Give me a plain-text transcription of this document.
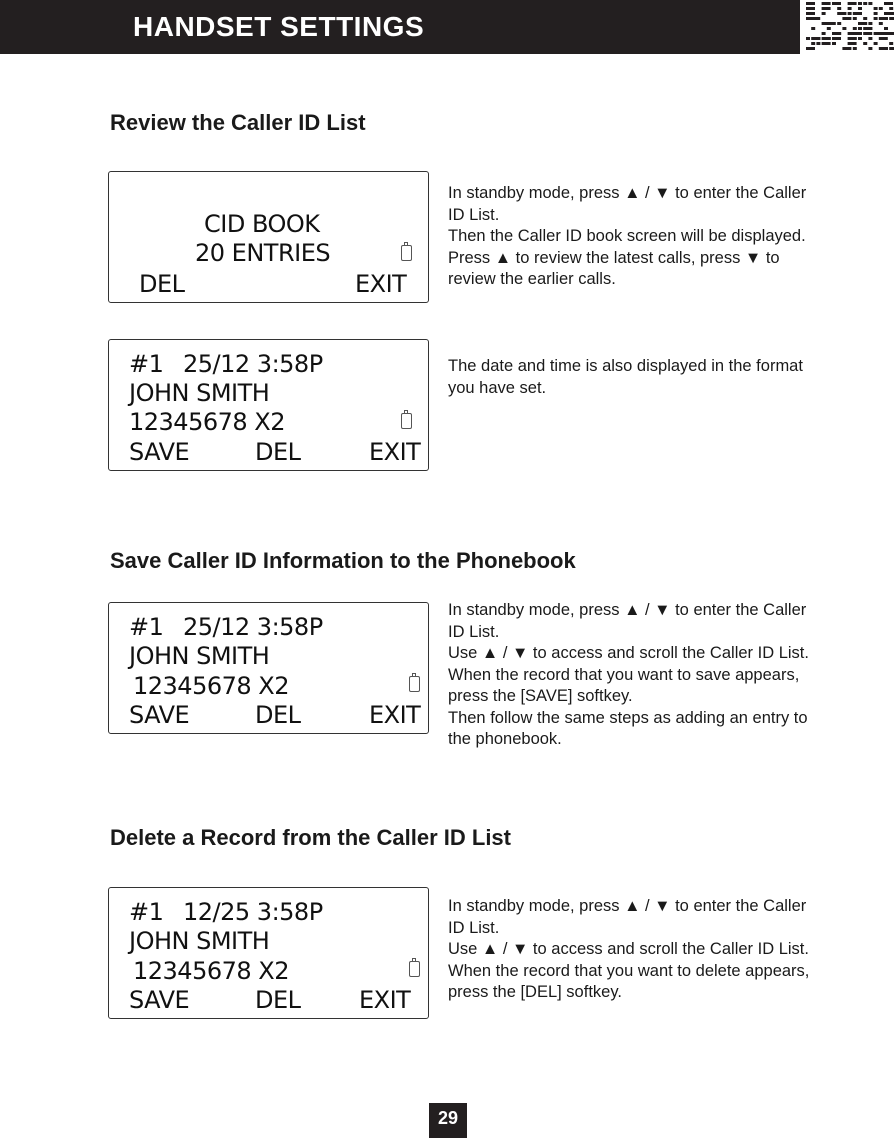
HANDSET SETTINGS
Review the Caller ID List
CID BOOK
20 ENTRIES
DEL	EXIT

In standby mode, press ▲ / ▼ to enter the Caller ID List.

Then the Caller ID book screen will be displayed.

Press ▲ to review the latest calls, press ▼ to review the earlier calls.

#1 25/12 3:58P
JOHN SMITH
12345678 X2
SAVE	DEL	EXIT

The date and time is also displayed in the format you have set.

Save Caller ID Information to the Phonebook
#1 25/12 3:58P
JOHN SMITH
12345678 X2
SAVE	DEL	EXIT

In standby mode, press ▲ / ▼ to enter the Caller ID List.

Use ▲ / ▼ to access and scroll the Caller ID List.

When the record that you want to save appears, press the [SAVE] softkey.

Then follow the same steps as adding an entry to the phonebook.

Delete a Record from the Caller ID List
#1 12/25 3:58P
JOHN SMITH
12345678 X2
SAVE	DEL EXIT

In standby mode, press ▲ / ▼ to enter the Caller ID List.

Use ▲ / ▼ to access and scroll the Caller ID List.

When the record that you want to delete appears, press the [DEL] softkey.

29
